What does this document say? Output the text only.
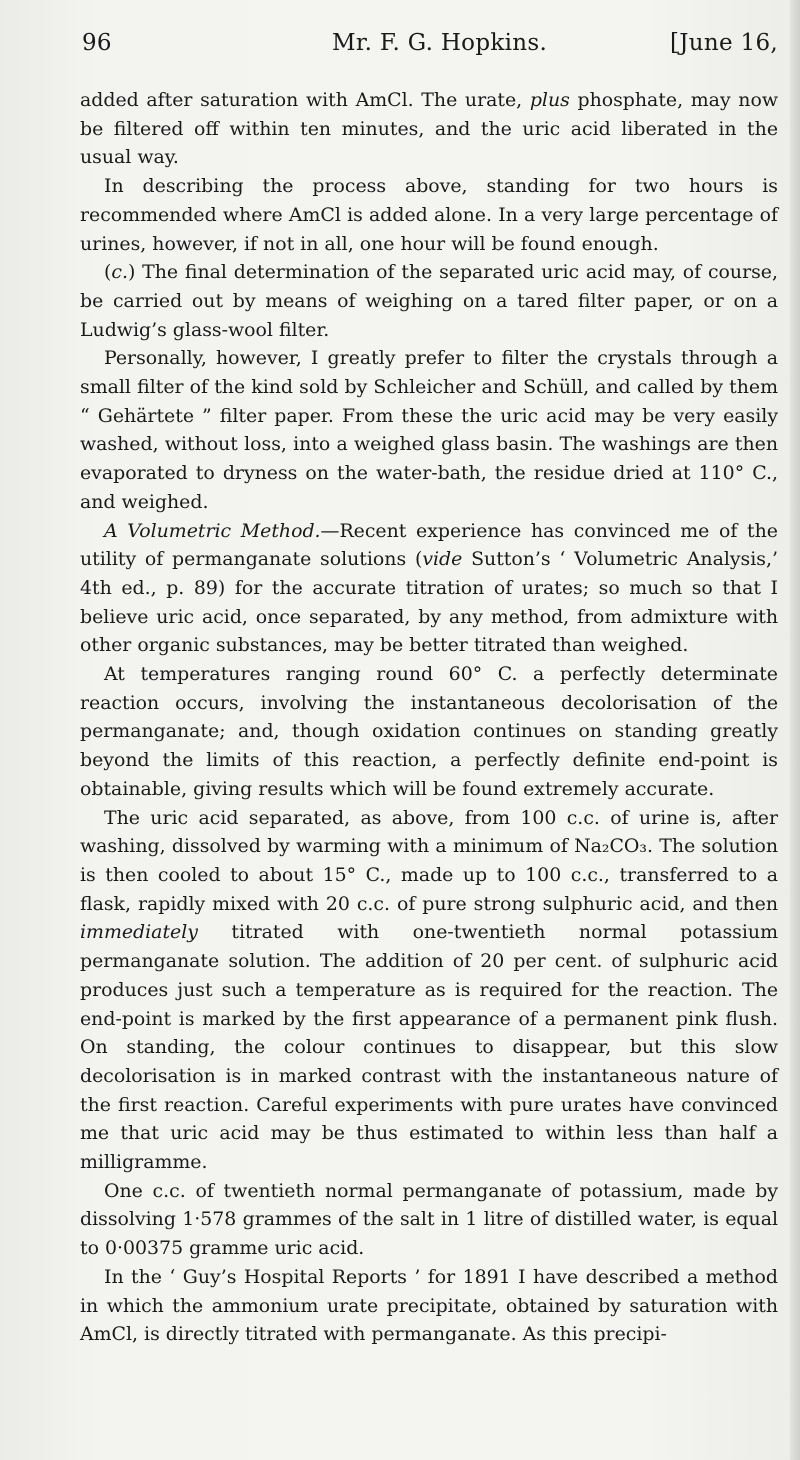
96	Mr. F. G. Hopkins.	[June 16,

added after saturation with AmCl. The urate, plus phosphate, may now be filtered off within ten minutes, and the uric acid liberated in the usual way.

In describing the process above, standing for two hours is recommended where AmCl is added alone. In a very large percentage of urines, however, if not in all, one hour will be found enough.

(c.) The final determination of the separated uric acid may, of course, be carried out by means of weighing on a tared filter paper, or on a Ludwig’s glass-wool filter.

Personally, however, I greatly prefer to filter the crystals through a small filter of the kind sold by Schleicher and Schüll, and called by them “ Gehärtete ” filter paper. From these the uric acid may be very easily washed, without loss, into a weighed glass basin. The washings are then evaporated to dryness on the water-bath, the residue dried at 110° C., and weighed.

A Volumetric Method.—Recent experience has convinced me of the utility of permanganate solutions (vide Sutton’s ‘ Volumetric Analysis,’ 4th ed., p. 89) for the accurate titration of urates; so much so that I believe uric acid, once separated, by any method, from admixture with other organic substances, may be better titrated than weighed.

At temperatures ranging round 60° C. a perfectly determinate reaction occurs, involving the instantaneous decolorisation of the permanganate; and, though oxidation continues on standing greatly beyond the limits of this reaction, a perfectly definite end-point is obtainable, giving results which will be found extremely accurate.

The uric acid separated, as above, from 100 c.c. of urine is, after washing, dissolved by warming with a minimum of Na₂CO₃. The solution is then cooled to about 15° C., made up to 100 c.c., transferred to a flask, rapidly mixed with 20 c.c. of pure strong sulphuric acid, and then immediately titrated with one-twentieth normal potassium permanganate solution. The addition of 20 per cent. of sulphuric acid produces just such a temperature as is required for the reaction. The end-point is marked by the first appearance of a permanent pink flush. On standing, the colour continues to disappear, but this slow decolorisation is in marked contrast with the instantaneous nature of the first reaction. Careful experiments with pure urates have convinced me that uric acid may be thus estimated to within less than half a milligramme.

One c.c. of twentieth normal permanganate of potassium, made by dissolving 1·578 grammes of the salt in 1 litre of distilled water, is equal to 0·00375 gramme uric acid.

In the ‘ Guy’s Hospital Reports ’ for 1891 I have described a method in which the ammonium urate precipitate, obtained by saturation with AmCl, is directly titrated with permanganate. As this precipi-
